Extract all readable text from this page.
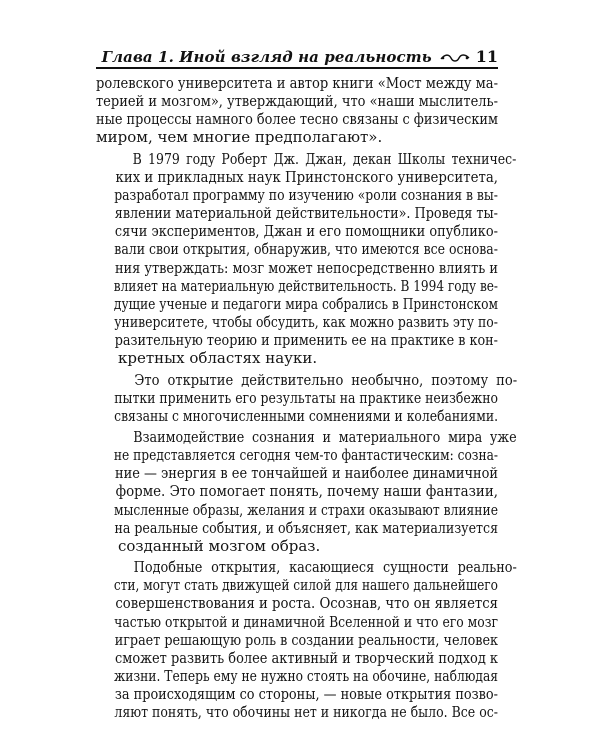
Глава 1. Иной взгляд на реальность	11
ролевского университета и автор книги «Мост между ма-
терией и мозгом», утверждающий, что «наши мыслитель-
ные процессы намного более тесно связаны с физическим
миром, чем многие предполагают».
В 1979 году Роберт Дж. Джан, декан Школы техничес-
ких и прикладных наук Принстонского университета,
разработал программу по изучению «роли сознания в вы-
явлении материальной действительности». Проведя ты-
сячи экспериментов, Джан и его помощники опублико-
вали свои открытия, обнаружив, что имеются все основа-
ния утверждать: мозг может непосредственно влиять и
влияет на материальную действительность. В 1994 году ве-
дущие ученые и педагоги мира собрались в Принстонском
университете, чтобы обсудить, как можно развить эту по-
разительную теорию и применить ее на практике в кон-
кретных областях науки.
Это открытие действительно необычно, поэтому по-
пытки применить его результаты на практике неизбежно
связаны с многочисленными сомнениями и колебаниями.
Взаимодействие сознания и материального мира уже
не представляется сегодня чем-то фантастическим: созна-
ние — энергия в ее тончайшей и наиболее динамичной
форме. Это помогает понять, почему наши фантазии,
мысленные образы, желания и страхи оказывают влияние
на реальные события, и объясняет, как материализуется
созданный мозгом образ.
Подобные открытия, касающиеся сущности реально-
сти, могут стать движущей силой для нашего дальнейшего
совершенствования и роста. Осознав, что он является
частью открытой и динамичной Вселенной и что его мозг
играет решающую роль в создании реальности, человек
сможет развить более активный и творческий подход к
жизни. Теперь ему не нужно стоять на обочине, наблюдая
за происходящим со стороны, — новые открытия позво-
ляют понять, что обочины нет и никогда не было. Все ос-
